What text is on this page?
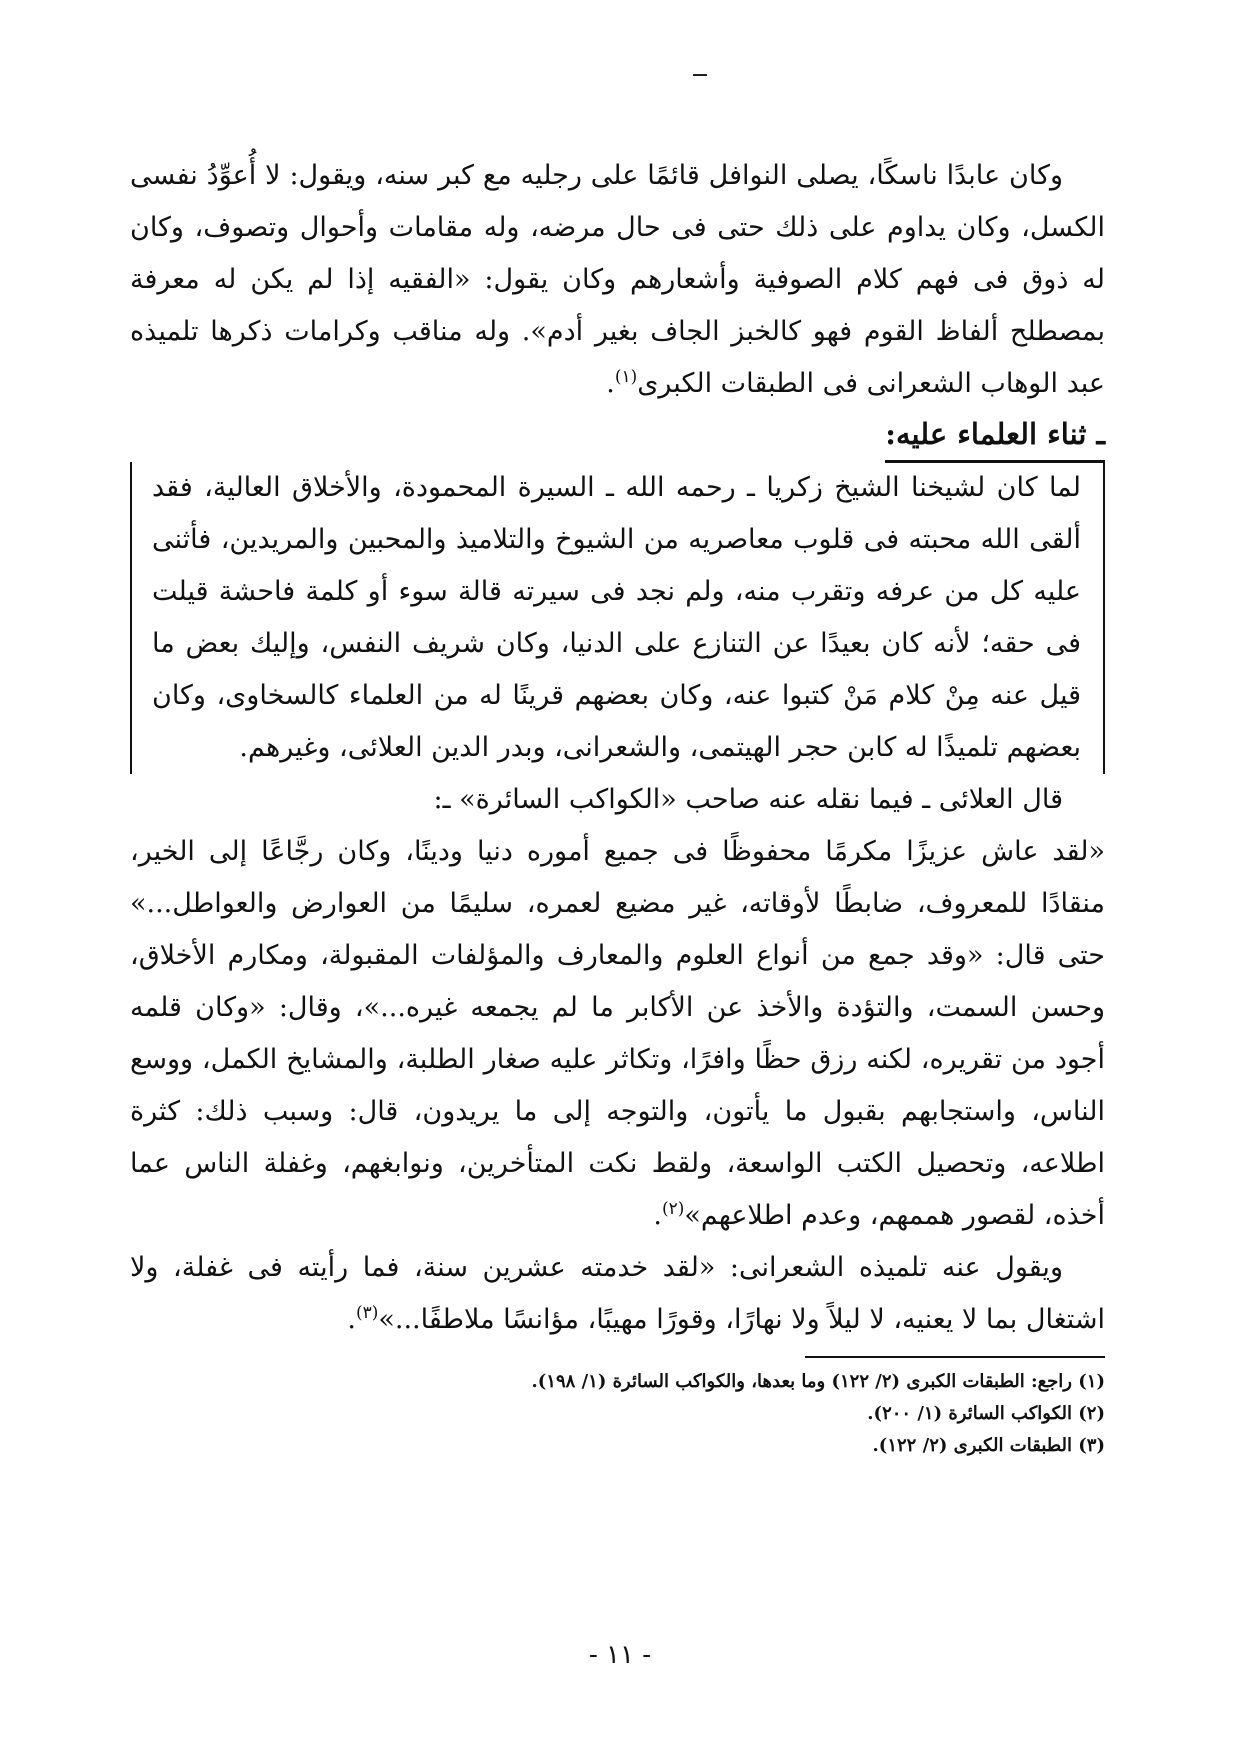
وكان عابدًا ناسكًا، يصلى النوافل قائمًا على رجليه مع كبر سنه، ويقول: لا أُعوِّدُ نفسى الكسل، وكان يداوم على ذلك حتى فى حال مرضه، وله مقامات وأحوال وتصوف، وكان له ذوق فى فهم كلام الصوفية وأشعارهم وكان يقول: «الفقيه إذا لم يكن له معرفة بمصطلح ألفاظ القوم فهو كالخبز الجاف بغير أدم». وله مناقب وكرامات ذكرها تلميذه عبد الوهاب الشعرانى فى الطبقات الكبرى$^{(١)}$.

ـ ثناء العلماء عليه:

لما كان لشيخنا الشيخ زكريا ـ رحمه الله ـ السيرة المحمودة، والأخلاق العالية، فقد ألقى الله محبته فى قلوب معاصريه من الشيوخ والتلاميذ والمحبين والمريدين، فأثنى عليه كل من عرفه وتقرب منه، ولم نجد فى سيرته قالة سوء أو كلمة فاحشة قيلت فى حقه؛ لأنه كان بعيدًا عن التنازع على الدنيا، وكان شريف النفس، وإليك بعض ما قيل عنه مِنْ كلام مَنْ كتبوا عنه، وكان بعضهم قرينًا له من العلماء كالسخاوى، وكان بعضهم تلميذًا له كابن حجر الهيتمى، والشعرانى، وبدر الدين العلائى، وغيرهم.

قال العلائى ـ فيما نقله عنه صاحب «الكواكب السائرة» ـ:

«لقد عاش عزيزًا مكرمًا محفوظًا فى جميع أموره دنيا ودينًا، وكان رجَّاعًا إلى الخير، منقادًا للمعروف، ضابطًا لأوقاته، غير مضيع لعمره، سليمًا من العوارض والعواطل...» حتى قال: «وقد جمع من أنواع العلوم والمعارف والمؤلفات المقبولة، ومكارم الأخلاق، وحسن السمت، والتؤدة والأخذ عن الأكابر ما لم يجمعه غيره...»، وقال: «وكان قلمه أجود من تقريره، لكنه رزق حظًا وافرًا، وتكاثر عليه صغار الطلبة، والمشايخ الكمل، ووسع الناس، واستجابهم بقبول ما يأتون، والتوجه إلى ما يريدون، قال: وسبب ذلك: كثرة اطلاعه، وتحصيل الكتب الواسعة، ولقط نكت المتأخرين، ونوابغهم، وغفلة الناس عما أخذه، لقصور هممهم، وعدم اطلاعهم»$^{(٢)}$.

ويقول عنه تلميذه الشعرانى: «لقد خدمته عشرين سنة، فما رأيته فى غفلة، ولا اشتغال بما لا يعنيه، لا ليلاً ولا نهارًا، وقورًا مهيبًا، مؤانسًا ملاطفًا...»$^{(٣)}$.

(١) راجع: الطبقات الكبرى (٢/ ١٢٢) وما بعدها، والكواكب السائرة (١/ ١٩٨).
(٢) الكواكب السائرة (١/ ٢٠٠).
(٣) الطبقات الكبرى (٢/ ١٢٢).
- ١١ -
